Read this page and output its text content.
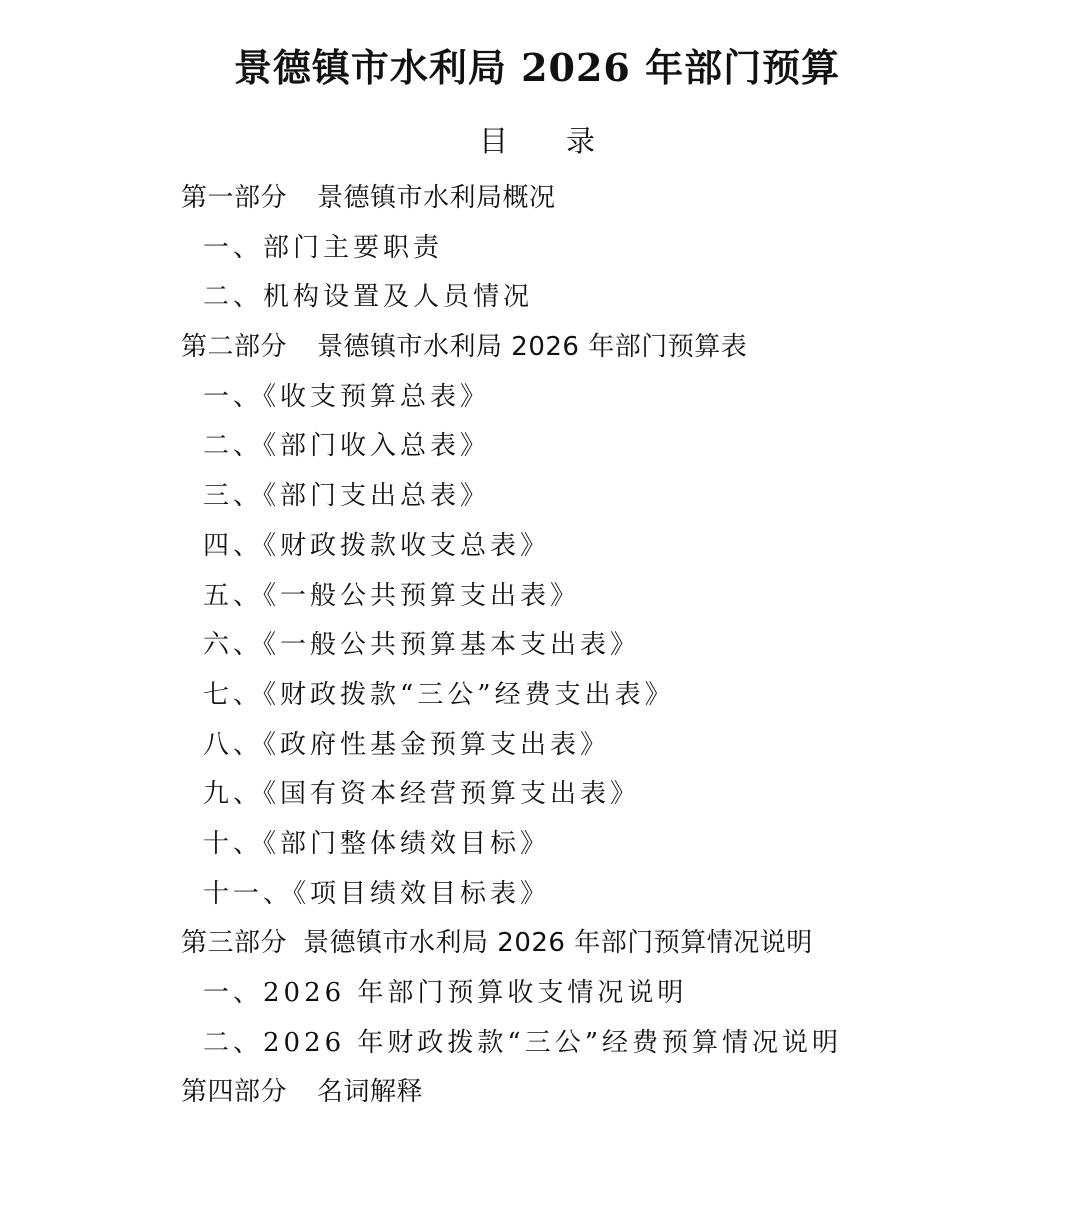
景德镇市水利局 2026 年部门预算
目录
第一部分 景德镇市水利局概况
一、部门主要职责
二、机构设置及人员情况
第二部分 景德镇市水利局 2026 年部门预算表
一、《收支预算总表》
二、《部门收入总表》
三、《部门支出总表》
四、《财政拨款收支总表》
五、《一般公共预算支出表》
六、《一般公共预算基本支出表》
七、《财政拨款“三公”经费支出表》
八、《政府性基金预算支出表》
九、《国有资本经营预算支出表》
十、《部门整体绩效目标》
十一、《项目绩效目标表》
第三部分 景德镇市水利局 2026 年部门预算情况说明
一、2026 年部门预算收支情况说明
二、2026 年财政拨款“三公”经费预算情况说明
第四部分 名词解释
